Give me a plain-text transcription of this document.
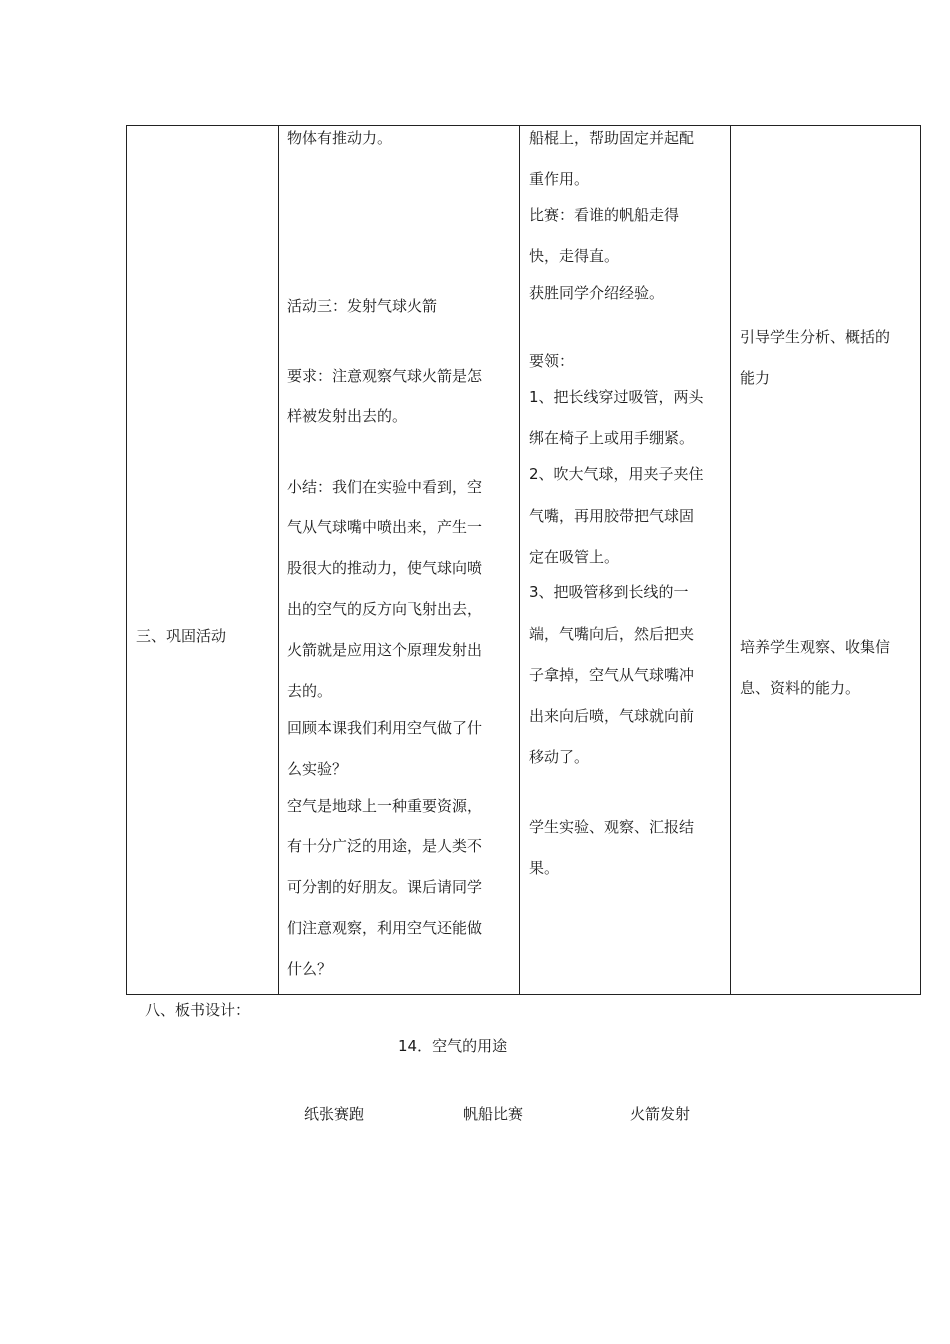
三、巩固活动
物体有推动力。
活动三：发射气球火箭
要求：注意观察气球火箭是怎
样被发射出去的。
小结：我们在实验中看到，空
气从气球嘴中喷出来，产生一
股很大的推动力，使气球向喷
出的空气的反方向飞射出去，
火箭就是应用这个原理发射出
去的。
回顾本课我们利用空气做了什
么实验？
空气是地球上一种重要资源，
有十分广泛的用途，是人类不
可分割的好朋友。课后请同学
们注意观察，利用空气还能做
什么？
船棍上，帮助固定并起配
重作用。
比赛：看谁的帆船走得
快，走得直。
获胜同学介绍经验。
要领：
1、把长线穿过吸管，两头
绑在椅子上或用手绷紧。
2、吹大气球，用夹子夹住
气嘴，再用胶带把气球固
定在吸管上。
3、把吸管移到长线的一
端，气嘴向后，然后把夹
子拿掉，空气从气球嘴冲
出来向后喷，气球就向前
移动了。
学生实验、观察、汇报结
果。
引导学生分析、概括的
能力
培养学生观察、收集信
息、资料的能力。
八、板书设计：
14．空气的用途
纸张赛跑	帆船比赛	火箭发射
